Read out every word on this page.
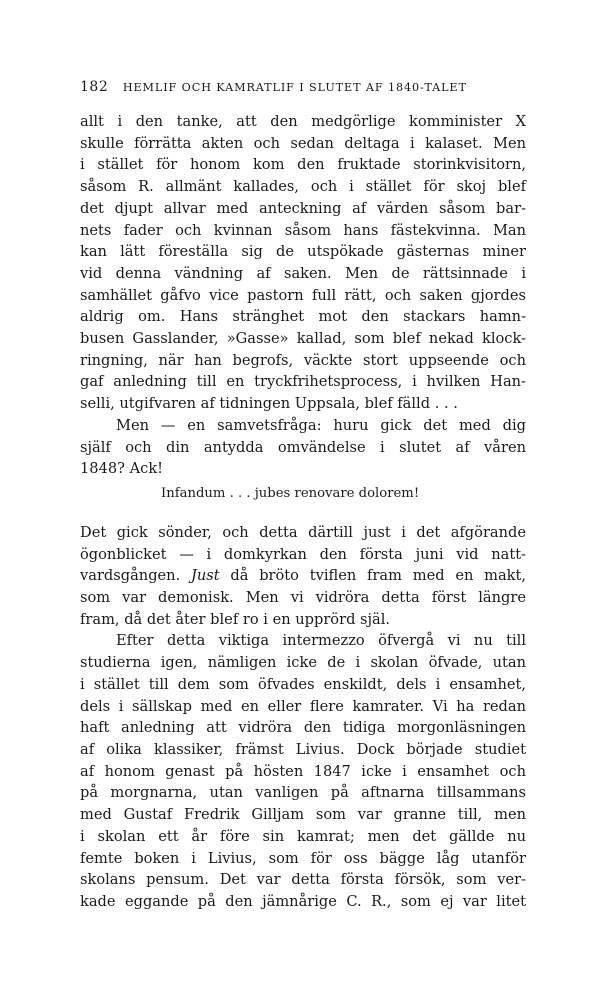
182 HEMLIF OCH KAMRATLIF I SLUTET AF 1840-TALET
allt i den tanke, att den medgörlige komminister X
skulle förrätta akten och sedan deltaga i kalaset. Men
i stället för honom kom den fruktade storinkvisitorn,
såsom R. allmänt kallades, och i stället för skoj blef
det djupt allvar med anteckning af värden såsom bar-
nets fader och kvinnan såsom hans fästekvinna. Man
kan lätt föreställa sig de utspökade gästernas miner
vid denna vändning af saken. Men de rättsinnade i
samhället gåfvo vice pastorn full rätt, och saken gjordes
aldrig om. Hans stränghet mot den stackars hamn-
busen Gasslander, »Gasse» kallad, som blef nekad klock-
ringning, när han begrofs, väckte stort uppseende och
gaf anledning till en tryckfrihetsprocess, i hvilken Han-
selli, utgifvaren af tidningen Uppsala, blef fälld . . .
Men — en samvetsfråga: huru gick det med dig
själf och din antydda omvändelse i slutet af våren
1848? Ack!
Infandum . . . jubes renovare dolorem!
Det gick sönder, och detta därtill just i det afgörande
ögonblicket — i domkyrkan den första juni vid natt-
vardsgången. Just då bröto tviflen fram med en makt,
som var demonisk. Men vi vidröra detta först längre
fram, då det åter blef ro i en upprörd själ.
Efter detta viktiga intermezzo öfvergå vi nu till
studierna igen, nämligen icke de i skolan öfvade, utan
i stället till dem som öfvades enskildt, dels i ensamhet,
dels i sällskap med en eller flere kamrater. Vi ha redan
haft anledning att vidröra den tidiga morgonläsningen
af olika klassiker, främst Livius. Dock började studiet
af honom genast på hösten 1847 icke i ensamhet och
på morgnarna, utan vanligen på aftnarna tillsammans
med Gustaf Fredrik Gilljam som var granne till, men
i skolan ett år före sin kamrat; men det gällde nu
femte boken i Livius, som för oss bägge låg utanför
skolans pensum. Det var detta första försök, som ver-
kade eggande på den jämnårige C. R., som ej var litet
